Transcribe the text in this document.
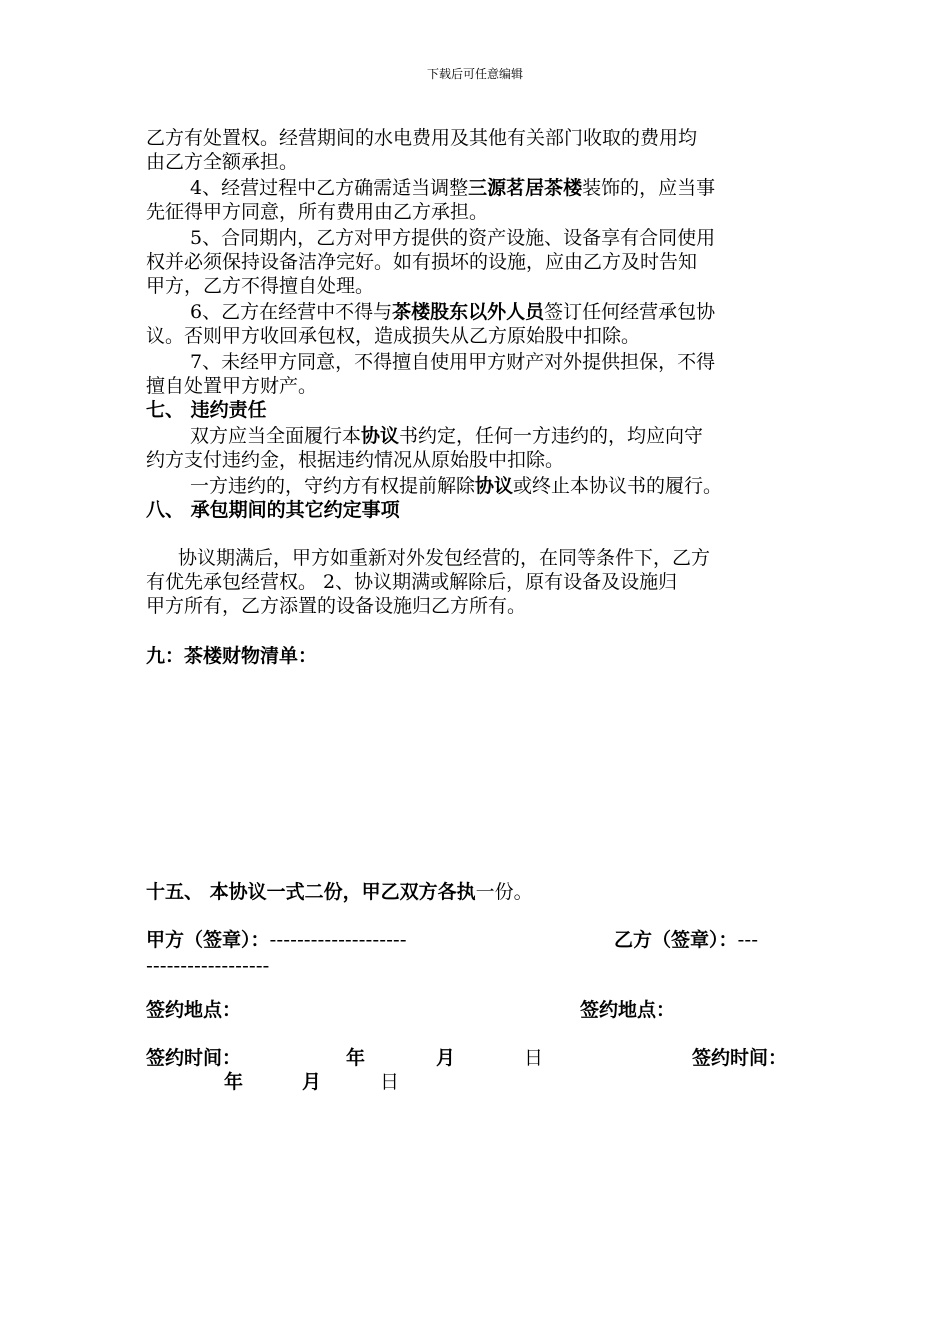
下载后可任意编辑
乙方有处置权。经营期间的水电费用及其他有关部门收取的费用均
由乙方全额承担。
4、经营过程中乙方确需适当调整三源茗居茶楼装饰的，应当事
先征得甲方同意，所有费用由乙方承担。
5、合同期内，乙方对甲方提供的资产设施、设备享有合同使用
权并必须保持设备洁净完好。如有损坏的设施，应由乙方及时告知
甲方，乙方不得擅自处理。
6、乙方在经营中不得与茶楼股东以外人员签订任何经营承包协
议。否则甲方收回承包权，造成损失从乙方原始股中扣除。
7、未经甲方同意，不得擅自使用甲方财产对外提供担保，不得
擅自处置甲方财产。
七、 违约责任
双方应当全面履行本协议书约定，任何一方违约的，均应向守
约方支付违约金，根据违约情况从原始股中扣除。
一方违约的，守约方有权提前解除协议或终止本协议书的履行。
八、 承包期间的其它约定事项
协议期满后，甲方如重新对外发包经营的，在同等条件下，乙方
有优先承包经营权。 2、协议期满或解除后，原有设备及设施归
甲方所有，乙方添置的设备设施归乙方所有。
九：茶楼财物清单：
十五、 本协议一式二份，甲乙双方各执一份。
甲方（签章）：--------------------	乙方（签章）：---
------------------
签约地点：	签约地点：
签约时间：	年	月	日	签约时间：
年	月	日
